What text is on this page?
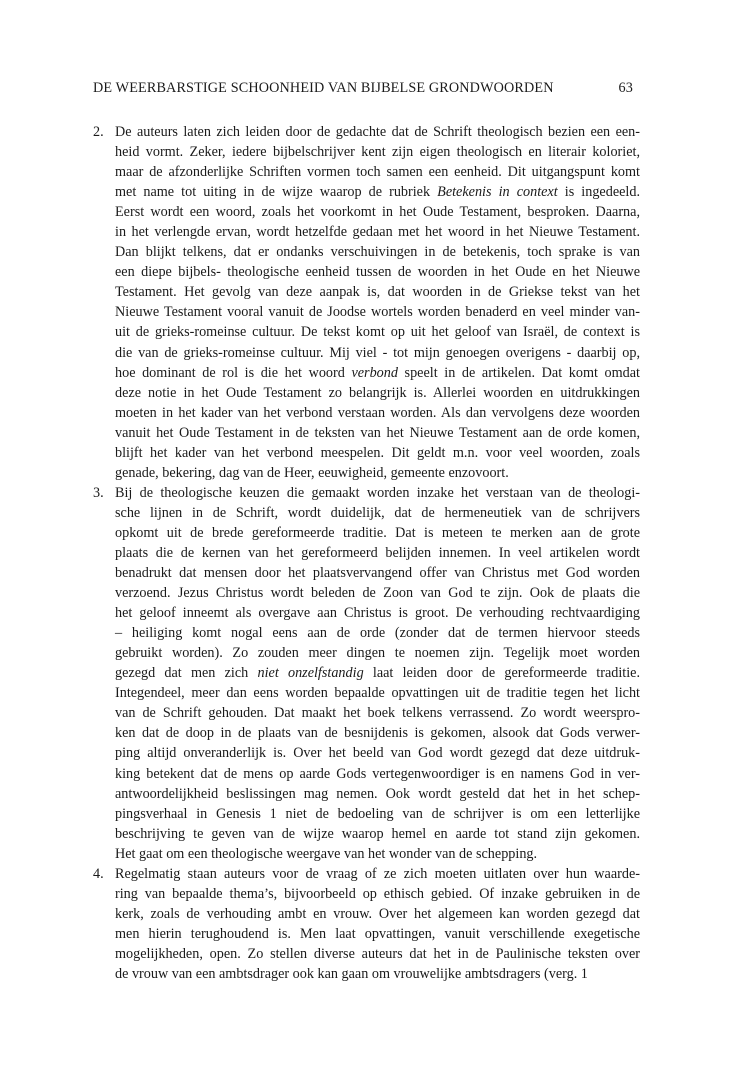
DE WEERBARSTIGE SCHOONHEID VAN BIJBELSE GRONDWOORDEN	63
2. De auteurs laten zich leiden door de gedachte dat de Schrift theologisch bezien een een-
heid vormt. Zeker, iedere bijbelschrijver kent zijn eigen theologisch en literair koloriet,
maar de afzonderlijke Schriften vormen toch samen een eenheid. Dit uitgangspunt komt
met name tot uiting in de wijze waarop de rubriek Betekenis in context is ingedeeld.
Eerst wordt een woord, zoals het voorkomt in het Oude Testament, besproken. Daarna,
in het verlengde ervan, wordt hetzelfde gedaan met het woord in het Nieuwe Testament.
Dan blijkt telkens, dat er ondanks verschuivingen in de betekenis, toch sprake is van
een diepe bijbels- theologische eenheid tussen de woorden in het Oude en het Nieuwe
Testament. Het gevolg van deze aanpak is, dat woorden in de Griekse tekst van het
Nieuwe Testament vooral vanuit de Joodse wortels worden benaderd en veel minder van-
uit de grieks-romeinse cultuur. De tekst komt op uit het geloof van Israël, de context is
die van de grieks-romeinse cultuur. Mij viel - tot mijn genoegen overigens - daarbij op,
hoe dominant de rol is die het woord verbond speelt in de artikelen. Dat komt omdat
deze notie in het Oude Testament zo belangrijk is. Allerlei woorden en uitdrukkingen
moeten in het kader van het verbond verstaan worden. Als dan vervolgens deze woorden
vanuit het Oude Testament in de teksten van het Nieuwe Testament aan de orde komen,
blijft het kader van het verbond meespelen. Dit geldt m.n. voor veel woorden, zoals
genade, bekering, dag van de Heer, eeuwigheid, gemeente enzovoort.
3. Bij de theologische keuzen die gemaakt worden inzake het verstaan van de theologi-
sche lijnen in de Schrift, wordt duidelijk, dat de hermeneutiek van de schrijvers
opkomt uit de brede gereformeerde traditie. Dat is meteen te merken aan de grote
plaats die de kernen van het gereformeerd belijden innemen. In veel artikelen wordt
benadrukt dat mensen door het plaatsvervangend offer van Christus met God worden
verzoend. Jezus Christus wordt beleden de Zoon van God te zijn. Ook de plaats die
het geloof inneemt als overgave aan Christus is groot. De verhouding rechtvaardiging
– heiliging komt nogal eens aan de orde (zonder dat de termen hiervoor steeds
gebruikt worden). Zo zouden meer dingen te noemen zijn. Tegelijk moet worden
gezegd dat men zich niet onzelfstandig laat leiden door de gereformeerde traditie.
Integendeel, meer dan eens worden bepaalde opvattingen uit de traditie tegen het licht
van de Schrift gehouden. Dat maakt het boek telkens verrassend. Zo wordt weerspro-
ken dat de doop in de plaats van de besnijdenis is gekomen, alsook dat Gods verwer-
ping altijd onveranderlijk is. Over het beeld van God wordt gezegd dat deze uitdruk-
king betekent dat de mens op aarde Gods vertegenwoordiger is en namens God in ver-
antwoordelijkheid beslissingen mag nemen. Ook wordt gesteld dat het in het schep-
pingsverhaal in Genesis 1 niet de bedoeling van de schrijver is om een letterlijke
beschrijving te geven van de wijze waarop hemel en aarde tot stand zijn gekomen.
Het gaat om een theologische weergave van het wonder van de schepping.
4. Regelmatig staan auteurs voor de vraag of ze zich moeten uitlaten over hun waarde-
ring van bepaalde thema’s, bijvoorbeeld op ethisch gebied. Of inzake gebruiken in de
kerk, zoals de verhouding ambt en vrouw. Over het algemeen kan worden gezegd dat
men hierin terughoudend is. Men laat opvattingen, vanuit verschillende exegetische
mogelijkheden, open. Zo stellen diverse auteurs dat het in de Paulinische teksten over
de vrouw van een ambtsdrager ook kan gaan om vrouwelijke ambtsdragers (verg. 1
